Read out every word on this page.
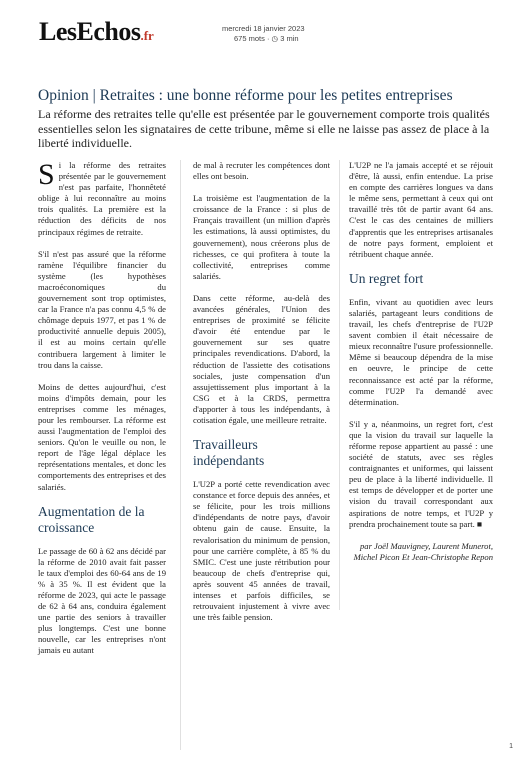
LesEchos.fr	mercredi 18 janvier 2023
675 mots · ◷ 3 min
Opinion | Retraites : une bonne réforme pour les petites entreprises

La réforme des retraites telle qu'elle est présentée par le gouvernement comporte trois qualités essentielles selon les signataires de cette tribune, même si elle ne laisse pas assez de place à la liberté individuelle.

Si la réforme des retraites présentée par le gouvernement n'est pas parfaite, l'honnêteté oblige à lui reconnaître au moins trois qualités. La première est la réduction des déficits de nos principaux régimes de retraite.

S'il n'est pas assuré que la réforme ramène l'équilibre financier du système (les hypothèses macroéconomiques du gouvernement sont trop optimistes, car la France n'a pas connu 4,5 % de chômage depuis 1977, et pas 1 % de productivité annuelle depuis 2005), il est au moins certain qu'elle contribuera largement à limiter le trou dans la caisse.

Moins de dettes aujourd'hui, c'est moins d'impôts demain, pour les entreprises comme les ménages, pour les rembourser. La réforme est aussi l'augmentation de l'emploi des seniors. Qu'on le veuille ou non, le report de l'âge légal déplace les représentations mentales, et donc les comportements des entreprises et des salariés.

Augmentation de la croissance

Le passage de 60 à 62 ans décidé par la réforme de 2010 avait fait passer le taux d'emploi des 60-64 ans de 19 % à 35 %. Il est évident que la réforme de 2023, qui acte le passage de 62 à 64 ans, conduira également une partie des seniors à travailler plus longtemps. C'est une bonne nouvelle, car les entreprises n'ont jamais eu autant

de mal à recruter les compétences dont elles ont besoin.

La troisième est l'augmentation de la croissance de la France : si plus de Français travaillent (un million d'après les estimations, là aussi optimistes, du gouvernement), nous créerons plus de richesses, ce qui profitera à toute la collectivité, entreprises comme salariés.

Dans cette réforme, au-delà des avancées générales, l'Union des entreprises de proximité se félicite d'avoir été entendue par le gouvernement sur ses quatre principales revendications. D'abord, la réduction de l'assiette des cotisations sociales, juste compensation d'un assujettissement plus important à la CSG et à la CRDS, permettra d'apporter à tous les indépendants, à cotisation égale, une meilleure retraite.

Travailleurs indépendants

L'U2P a porté cette revendication avec constance et force depuis des années, et se félicite, pour les trois millions d'indépendants de notre pays, d'avoir obtenu gain de cause. Ensuite, la revalorisation du minimum de pension, pour une carrière complète, à 85 % du SMIC. C'est une juste rétribution pour beaucoup de chefs d'entreprise qui, après souvent 45 années de travail, intenses et parfois difficiles, se retrouvaient injustement à vivre avec une très faible pension.

L'U2P ne l'a jamais accepté et se réjouit d'être, là aussi, enfin entendue. La prise en compte des carrières longues va dans le même sens, permettant à ceux qui ont travaillé très tôt de partir avant 64 ans. C'est le cas des centaines de milliers d'apprentis que les entreprises artisanales de notre pays forment, emploient et rétribuent chaque année.

Un regret fort

Enfin, vivant au quotidien avec leurs salariés, partageant leurs conditions de travail, les chefs d'entreprise de l'U2P savent combien il était nécessaire de mieux reconnaître l'usure professionnelle. Même si beaucoup dépendra de la mise en oeuvre, le principe de cette reconnaissance est acté par la réforme, comme l'U2P l'a demandé avec détermination.

S'il y a, néanmoins, un regret fort, c'est que la vision du travail sur laquelle la réforme repose appartient au passé : une société de statuts, avec ses règles contraignantes et uniformes, qui laissent peu de place à la liberté individuelle. Il est temps de développer et de porter une vision du travail correspondant aux aspirations de notre temps, et l'U2P y prendra prochainement toute sa part. ■

par Joël Mauvigney, Laurent Munerot, Michel Picon Et Jean-Christophe Repon

1
